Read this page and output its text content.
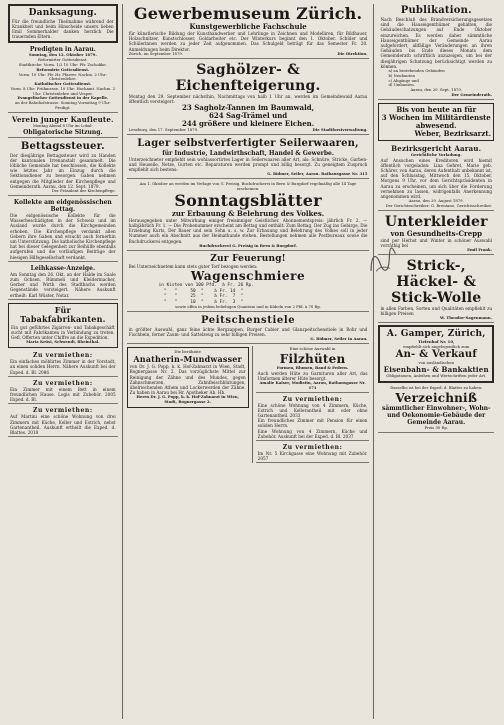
Danksagung.
Für die freundliche Theilnahme während der Krankheit und beim Hinscheide unsers lieben Emil Sommerhalder danken herzlich Die trauernden Eltern.
Predigten in Aarau.
Sonntag, den 12. Oktober 1879.
Reformirter Gottesdienst.
Stadtkirche: Vorm. 1/2 10 Uhr: Pfr. Zschokke.
Reformirte Gottesdienst.
Vorm. 10 Uhr: Pfr. Hr. Pfarrer. Nachm. 2 Uhr: Christenlehre.
Katholischer Gottesdienst.
Vorm. 8 Uhr: Frühmesse. 10 Uhr: Hochamt. Nachm. 2 Uhr: Christenlehre und Vesper.
Evangelischer Gottesdienst in der Kapelle.
an der Bahnhofstrasse. Sonntag Vormittag 9 Uhr: Predigt.
Verein junger Kaufleute.
Montag Abend 8 Uhr im Lokal:
Obligatorische Sitzung.
Bettagssteuer.
Der diesjährige Bettagssteuer wird zu Handen der kantonalen Irrenanstalt gesammelt. Die löbliche Gemeinde hat beschlossen, die Kollekte wie letztes Jahr im Einzug durch die Sektionsdiener zu besorgen. Gaben nehmen entgegen die Mitglieder der Kirchenpflege und Gemeinderath. Aarau, den 12. Sept. 1879.
Der Präsident der Kirchenpflege.
Kollekte am eidgenössischen Bettag.
Die eidgenössische Kollekte für die Wasserbeschädigten in der Schweiz und im Ausland wurde durch die Kirchgemeinden erhoben. Die Kirchenpflege verdankt allen Gebern ihre Gaben und ersucht auch fernerhin um Unterstützung. Die katholische Kirchenpflege hat bei dieser Gelegenheit zur Beihülfe ebenfalls aufgerufen und die vorläufigen Beiträge der hiesigen Hilfsgesellschaft verdankt.
Leihkasse-Anzeige.
Am Sonntag den 26. Okt. an der Halde im Saale zum Ochsen, Rümmeli und Kleidermacher, Gerber und Wirth des Stadtbachs werden Gegenstände versteigert. Nähere Auskunft ertheilt: Karl Wüster, Notar.
Für Tabakfabrikanten.
Ein gut geführtes Zigarren- und Tabakgeschäft sucht mit Fabrikanten in Verbindung zu treten. Gefl. Offerten unter Chiffre an die Expedition.
Maria Krüsi, Schwendi, Rheinthal.
Zu vermiethen:
Ein einfaches möblirtes Zimmer in der Vorstadt, an einen soliden Herrn. Nähere Auskunft bei der Exped. d. Bl. 2086
Zu vermiethen:
Ein Zimmer mit einem Bett in einem freundlichen Hause. Logis mit Zubehör. 2005 Exped. d. Bl.
Zu vermiethen:
Auf Martini eine schöne Wohnung von drei Zimmern mit Küche, Keller und Estrich, nebst Gartenantheil. Auskunft ertheilt die Exped. d. Blattes. 2018
Gewerbemuseum Zürich.
Kunstgewerbliche Fachschule
für künstlerische Bildung der Kunsthandwerker und Lehrlinge in Zeichnen und Modelliren, für Bildhauer, Holzschnitzer, Kunstschlosser, Goldarbeiter etc. Der Winterkurs beginnt den 1. Oktober. Schüler und Schülerinnen werden zu jeder Zeit aufgenommen. Das Schulgeld beträgt für das Semester Fr. 20. Anmeldungen beim Direktor.
Zürich, im September 1879.	Die Direktion.
Saghölzer- & Eichenfteigerung.
Montag den 29. September nächsthin, Nachmittags von halb 1 Uhr an, werden im Gemeindewald Aarau öffentlich versteigert:
23 Sagholz-Tannen im Baumwald,
624 Sag-Trämel und
244 größere und kleinere Eichen.
Lenzburg, den 17. September 1879.	Die Stadtforstverwaltung.
Lager selbstverfertigter Seilerwaaren,
für Industrie, Landwirthschaft, Handel & Gewerbe.
Unterzeichneter empfiehlt sein wohlassortirtes Lager in Seilerwaaren aller Art, als: Schnüre, Stricke, Garben- und Heuseile, Netze, Gurten etc. Reparaturen werden prompt und billig besorgt. Zu geneigtem Zuspruch empfiehlt sich bestens:
G. Ridmer, Seiler, Aarau. Rathausgasse Nr. 315
Am 1. Oktober an werden im Verlage von G. Preisig, Buchdruckerei in Bern & Burgdorf regelmäßig alle 14 Tage erscheinen:
Sonntagsblätter
zur Erbauung & Belehrung des Volkes.
Herausgegeben unter Mitwirkung einiger freisinniger Geistlicher. Abonnementspreis: jährlich Fr. 2. — halbjährlich Fr. 1. — Die Probenummer erscheint am Bettag und enthält: Zum Bettag, Der Zug ins Gebirge, Die Erziehung Kurts, Der Bauer und sein Sohn u. s. w. Zur Erbauung und Belehrung des Volkes soll in jeder Nummer auch ein Abschnitt aus der Heimatkunde stehen. Bestellungen nehmen alle Postbureaux sowie die Buchdruckerei entgegen.
Buchdruckerei G. Preisig in Bern & Burgdorf.
Zur Feuerung!
Bei Unterzeichnetem kann stets guter Torf bezogen werden:
Wagenschmiere
in Kisten von 100 Pfd.  à Fr. 26 Rp.
"   "     50  "    à Fr. 14  "
"   "     25  "    à Fr.  7  "
"   "     10  "    à Fr.  3  "
sowie offen in jedem beliebigen Quantum und in Kübeln von 2 Pfd. à 70 Rp.
Peitschenstiele
in größter Auswahl, ganz feine ächte Bergzappen, Burger Cabier und Glanzpeitschenstiele in Rohr und Fischbein, ferner Zaum- und Sattelzeug zu sehr billigen Preisen.
G. Ridmer, Seiler in Aarau.
Die berühmte
Anatherin-Mundwasser
von Dr. J. G. Popp, k. k. Hof-Zahnarzt in Wien, Stadt, Bognergasse Nr. 2. Das vorzüglichste Mittel zur Reinigung der Zähne und des Mundes, gegen Zahnschmerzen, Zahnfleischblutungen, übelriechenden Athem und Lockerwerden der Zähne. Zu haben in Aarau bei Hr. Apotheker Ab. Hb.
Herrn Dr. J. G. Popp, k. k. Hof-Zahnarzt in Wien, Stadt, Bognergasse 2.
Eine schöne Auswahl in
Filzhüten
Formen, Blumen, Band & Federn.
Auch werden Hüte zu Garnituren aller Art, das Umformen älterer Hüte besorgt.
Amalie Kaiser, Modistin, Aarau, Rathausgasse Nr. 171
Zu vermiethen:
Eine schöne Wohnung von 4 Zimmern, Küche, Estrich und Kellerantheil mit oder ohne Gartenantheil. 2033
Ein freundliches Zimmer mit Pension für einen soliden Herrn.
Eine Wohnung von 4 Zimmern, Küche und Zubehör. Auskunft bei der Exped. d. Bl. 2037
Zu vermiethen:
Im Nr. 5 Kirchgasse eine Wohnung mit Zubehör. 2057
Publikation.
Nach Beschluß des Brandversicherungsgesetzes sind die Hauseigenthümer gehalten, die Gebäudeschatzungen auf Ende Oktober einzureichen. Es werden daher sämmtliche Hauseigenthümer der Gemeinde Aarau aufgefordert, allfällige Veränderungen an ihren Gebäuden bis Ende dieses Monats dem Gemeinderath schriftlich anzuzeigen, um bei der diesjährigen Schatzung berücksichtigt werden zu können.
a) an bestehenden Gebäuden
b) Neubauten
c) Abgänge und
d) Umbauten.
Aarau, den 20. Sept. 1879.
Der Gemeinderath.
Bis von heute an für
3 Wochen im Militärdienste abwesend.
Weber, Bezirksarzt.
Bezirksgericht Aarau.
Gerichtliche Vorladung.
Auf Ansuchen eines Kreditoren wird hiemit öffentlich vorgeladen: Lina Gehret, Marie geb. Schärer, von Aarau, deren Aufenthalt unbekannt ist, auf den Schlusstag, Mittwoch den 15. Oktober, Morgens 9 Uhr, vor dem Gerichtspräsidenten in Aarau zu erscheinen, um sich über die Forderung vernehmen zu lassen, widrigenfalls Anerkennung angenommen wird.
Aarau, den 29. August 1879.
Der Gerichtsschreiber: G. Brentano, Gerichtsschreiber.
Unterkleider
von Gesundheits-Crepp
sind per Herbst und Winter in schöner Auswahl vorräthig bei
Emil Frank.
Strick-, Häckel- & Stick-Wolle
in allen Farben, Sorten und Qualitäten empfiehlt zu billigen Preisen
W. Theodor-Sagenmann.
A. Gamper, Zürich,
Tiefenhof Nr. 10,
empfiehlt sich angelegentlich zum
An- & Verkauf
von ausländischen
Eisenbahn- & Bankaktien
Obligationen, Anleihen und Wertschriften jeder Art.
Dasselbe ist bei der Exped. d. Blattes zu haben:
Verzeichniß
sämmtlicher Einwohner-, Wohn- und Oekonomie-Gebäude der Gemeinde Aarau.
Preis 30 Rp.
